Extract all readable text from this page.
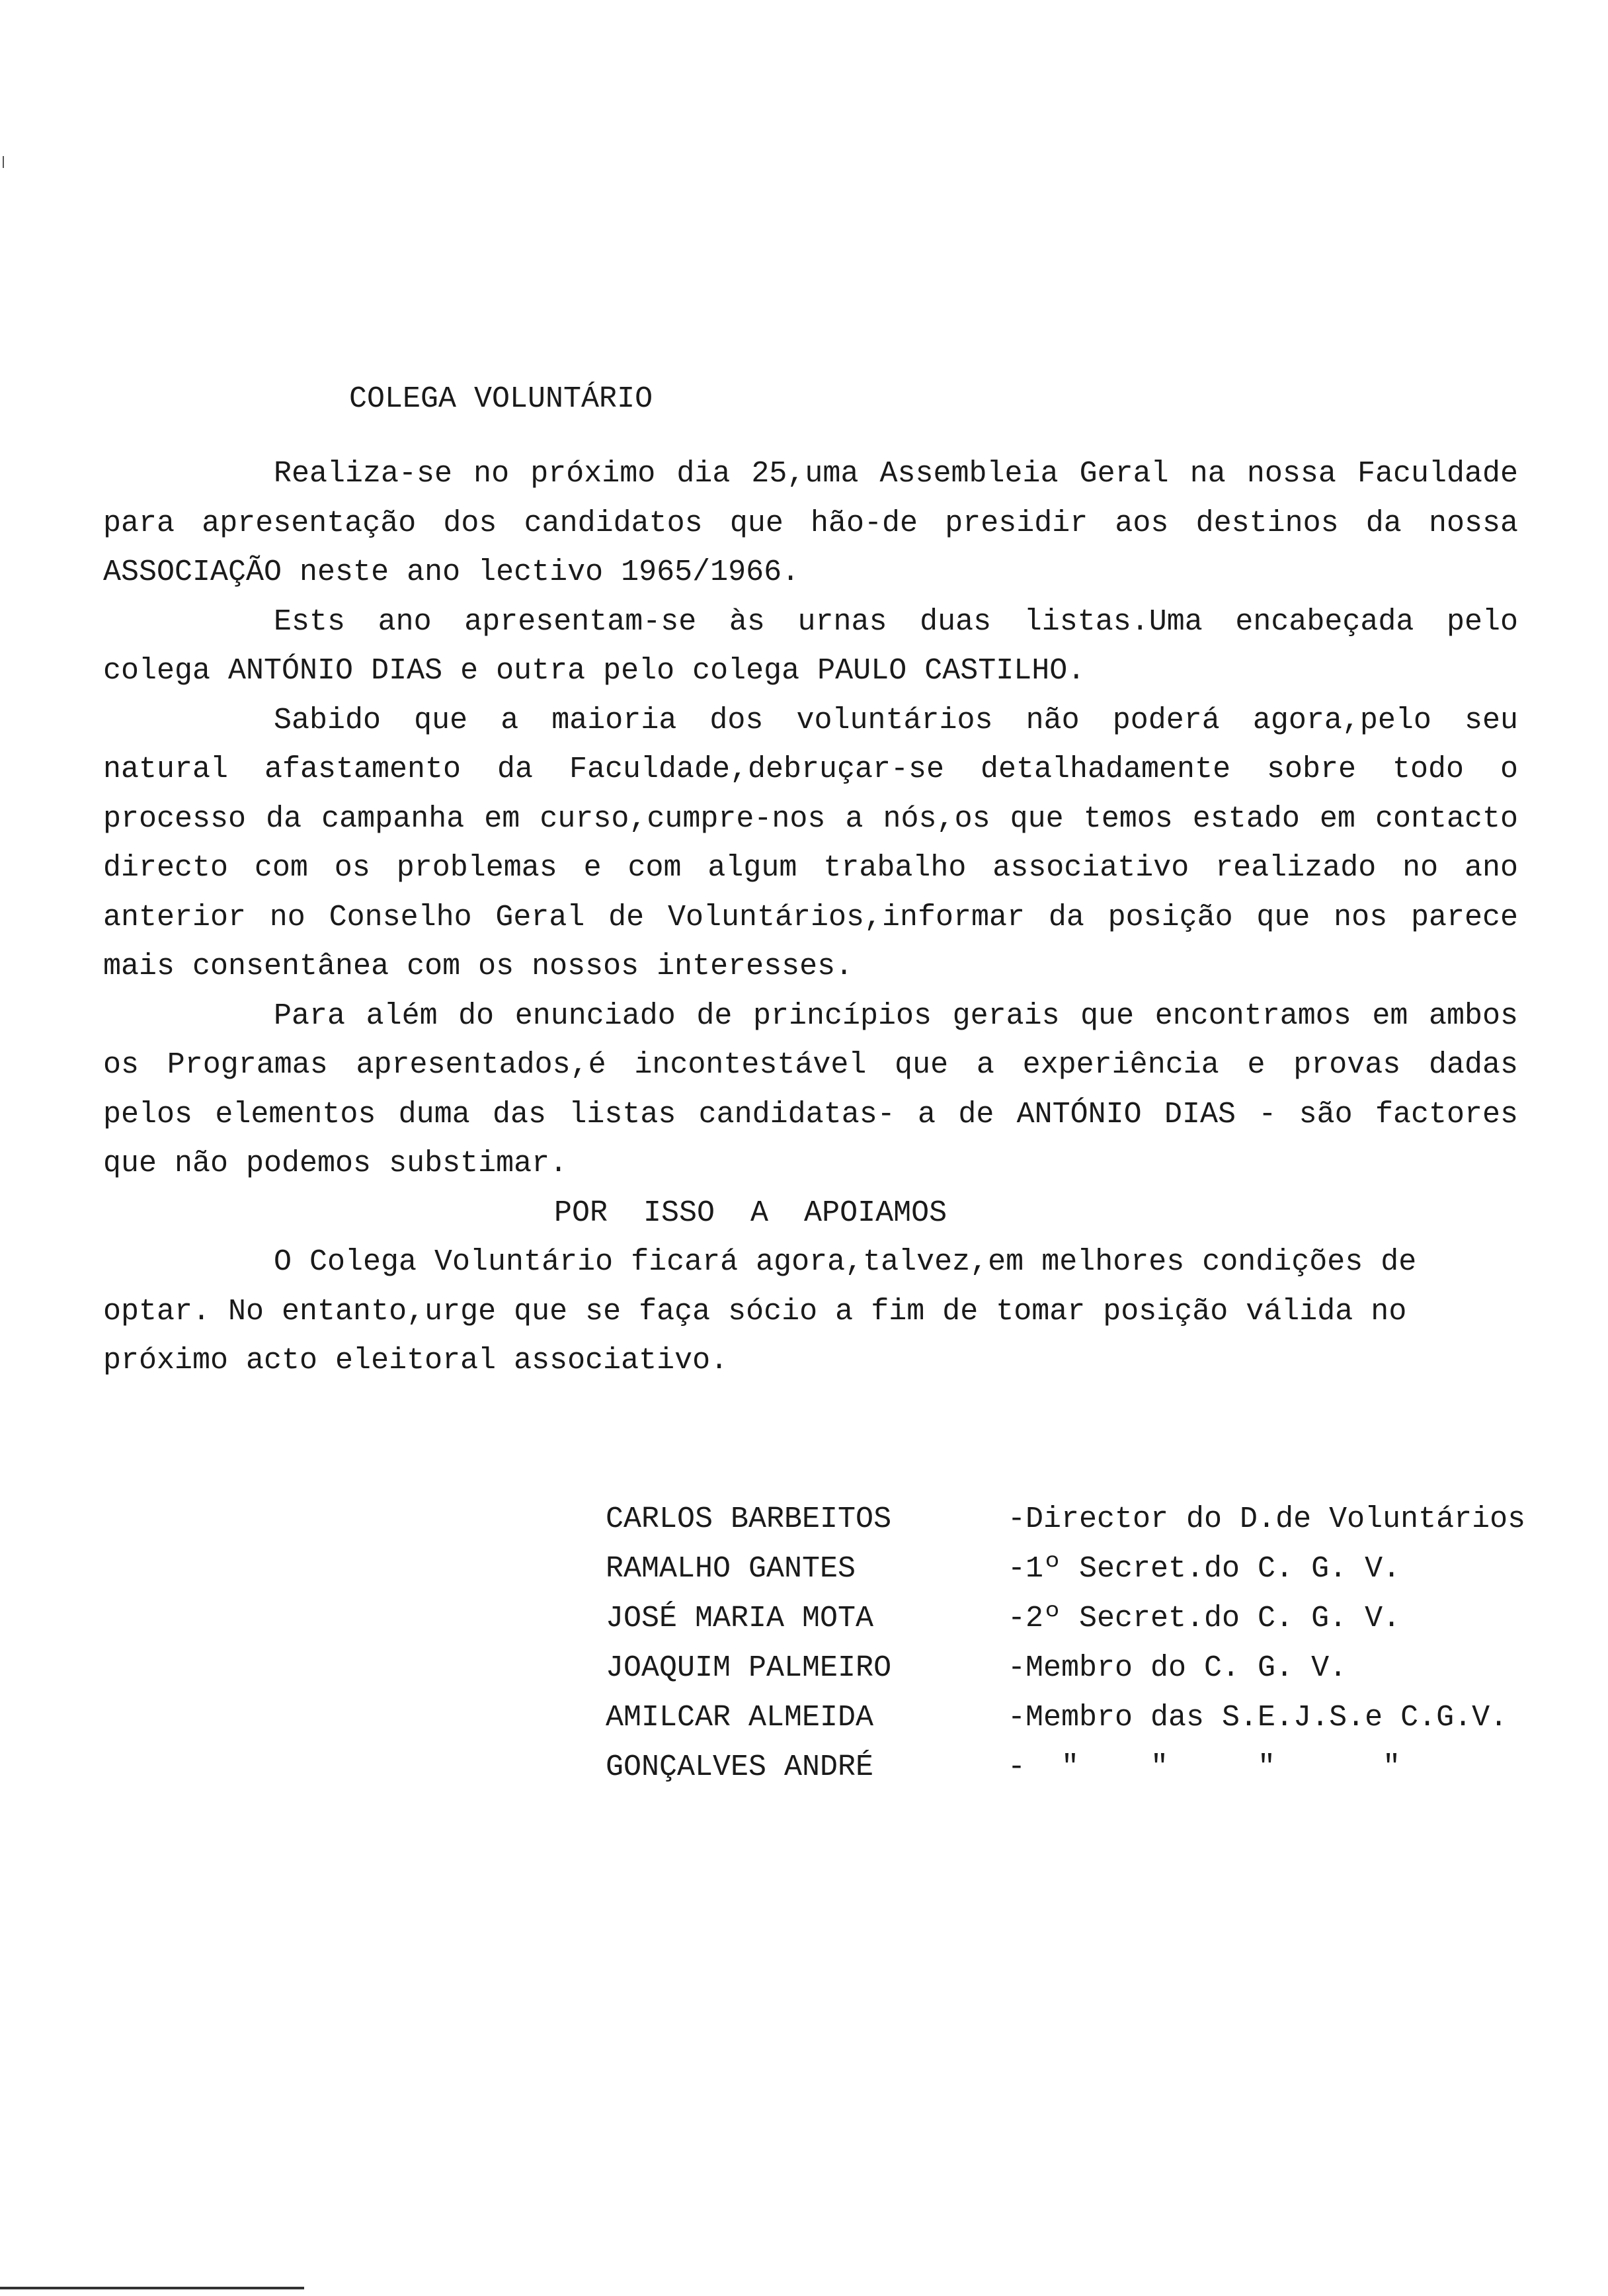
COLEGA VOLUNTÁRIO

Realiza-se no próximo dia 25,uma Assembleia Geral na nossa Faculdade para apresentação dos candidatos que hão-de presidir aos destinos da nossa ASSOCIAÇÃO neste ano lectivo 1965/1966.

Ests ano apresentam-se às urnas duas listas.Uma encabeçada pelo colega ANTÓNIO DIAS e outra pelo colega PAULO CASTILHO.

Sabido que a maioria dos voluntários não poderá agora,pelo seu natural afastamento da Faculdade,debruçar-se detalhadamente sobre todo o processo da campanha em curso,cumpre-nos a nós,os que temos estado em contacto directo com os problemas e com algum trabalho associativo realizado no ano anterior no Conselho Geral de Voluntários,informar da posição que nos parece mais consentânea com os nossos interesses.

Para além do enunciado de princípios gerais que encontramos em ambos os Programas apresentados,é incontestável que a experiência e provas dadas pelos elementos duma das listas candidatas- a de ANTÓNIO DIAS - são factores que não podemos substimar.

POR  ISSO  A  APOIAMOS

O Colega Voluntário ficará agora,talvez,em melhores condições de optar. No entanto,urge que se faça sócio a fim de tomar posição válida no próximo acto eleitoral associativo.

CARLOS BARBEITOS

	-Director do D.de Voluntários

RAMALHO GANTES

	-1º Secret.do C. G. V.

JOSÉ MARIA MOTA

	-2º Secret.do C. G. V.

JOAQUIM PALMEIRO

	-Membro do C. G. V.

AMILCAR ALMEIDA

	-Membro das S.E.J.S.e C.G.V.

GONÇALVES ANDRÉ

	-  "    "     "      "
